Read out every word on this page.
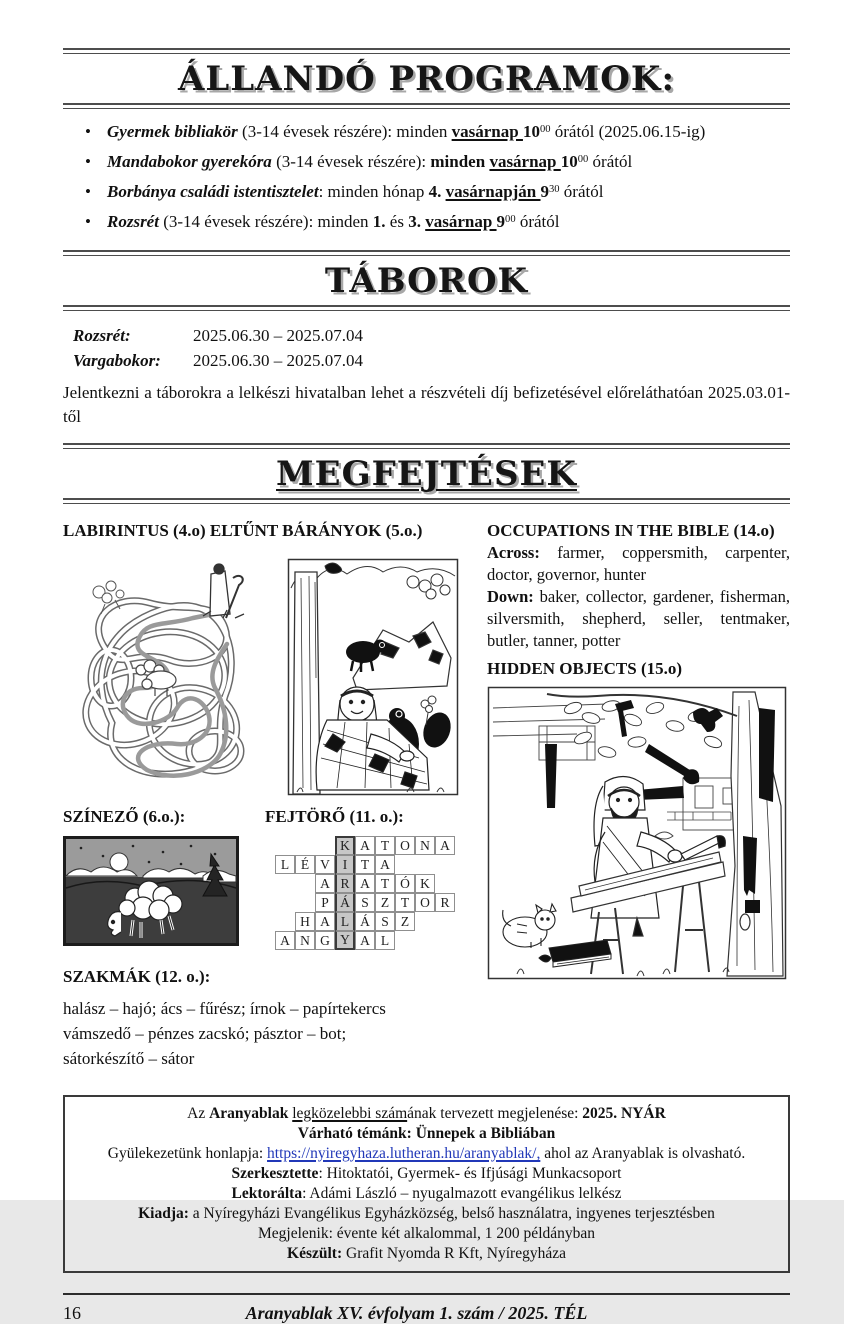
ÁLLANDÓ PROGRAMOK:
• Gyermek bibliakör (3-14 évesek részére): minden vasárnap $10^{00}$ órától (2025.06.15-ig)
• Mandabokor gyerekóra (3-14 évesek részére): minden vasárnap $10^{00}$ órától
• Borbánya családi istentisztelet: minden hónap 4. vasárnapján $9^{30}$ órától
• Rozsrét (3-14 évesek részére): minden 1. és 3. vasárnap $9^{00}$ órától
TÁBOROK
Rozsrét:	2025.06.30 – 2025.07.04
Vargabokor:	2025.06.30 – 2025.07.04

Jelentkezni a táborokra a lelkészi hivatalban lehet a részvételi díj befizetésével előreláthatóan 2025.03.01-től

MEGFEJTÉSEK
LABIRINTUS (4.o) ELTŰNT BÁRÁNYOK (5.o.)
SZÍNEZŐ (6.o.):	FEJTÖRŐ (11. o.):
K A T O N A
L É V I	T A
A R A T Ó K
P Á S Z T O R
H A L Á S Z
A N G Y A L
SZAKMÁK (12. o.):
halász – hajó; ács – fűrész; írnok – papírtekercs
vámszedő – pénzes zacskó; pásztor – bot;
sátorkészítő – sátor
OCCUPATIONS IN THE BIBLE (14.o)

Across: farmer, coppersmith, carpenter, doctor, governor, hunter

Down: baker, collector, gardener, fisherman, silversmith, shepherd, seller, tentmaker, butler, tanner, potter

HIDDEN OBJECTS (15.o)
Az Aranyablak legközelebbi számának tervezett megjelenése: 2025. NYÁR
Várható témánk: Ünnepek a Bibliában
Gyülekezetünk honlapja: https://nyiregyhaza.lutheran.hu/aranyablak/, ahol az Aranyablak is olvasható.
Szerkesztette: Hitoktatói, Gyermek- és Ifjúsági Munkacsoport
Lektorálta: Adámi László – nyugalmazott evangélikus lelkész
Kiadja: a Nyíregyházi Evangélikus Egyházközség, belső használatra, ingyenes terjesztésben
Megjelenik: évente két alkalommal, 1 200 példányban
Készült: Grafit Nyomda R Kft, Nyíregyháza
16	Aranyablak XV. évfolyam 1. szám / 2025. TÉL
